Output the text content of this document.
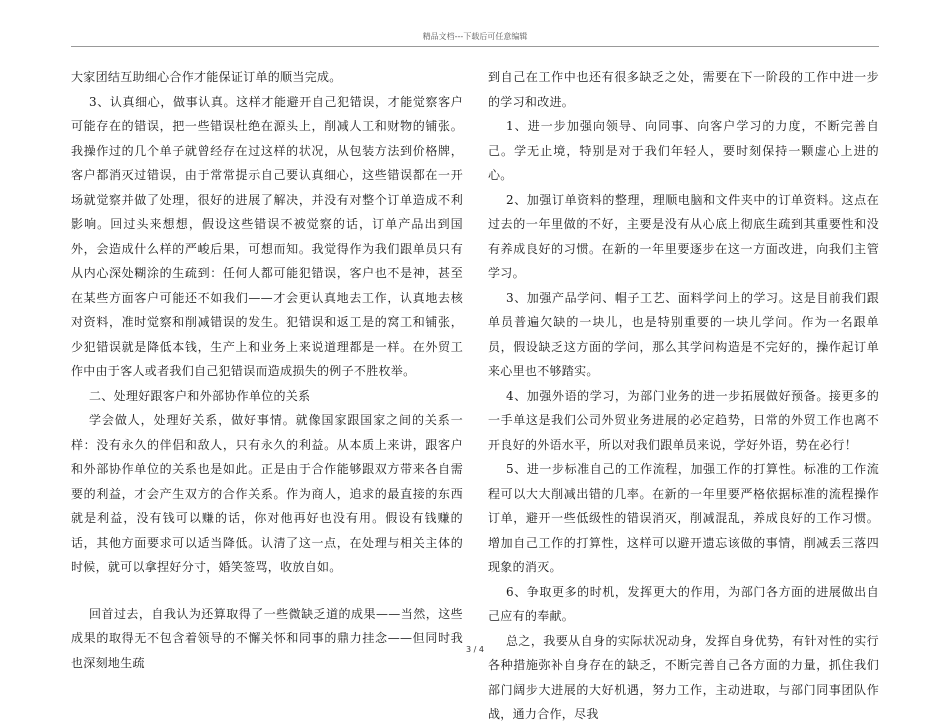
精品文档---下载后可任意编辑

大家团结互助细心合作才能保证订单的顺当完成。

3、认真细心，做事认真。这样才能避开自己犯错误，才能觉察客户可能存在的错误，把一些错误杜绝在源头上，削减人工和财物的铺张。我操作过的几个单子就曾经存在过这样的状况，从包装方法到价格牌，客户都消灭过错误，由于常常提示自己要认真细心，这些错误都在一开场就觉察并做了处理，很好的进展了解决，并没有对整个订单造成不利影响。回过头来想想，假设这些错误不被觉察的话，订单产品出到国外，会造成什么样的严峻后果，可想而知。我觉得作为我们跟单员只有从内心深处糊涂的生疏到：任何人都可能犯错误，客户也不是神，甚至在某些方面客户可能还不如我们——才会更认真地去工作，认真地去核对资料，准时觉察和削减错误的发生。犯错误和返工是的窝工和铺张，少犯错误就是降低本钱，生产上和业务上来说道理都是一样。在外贸工作中由于客人或者我们自己犯错误而造成损失的例子不胜枚举。

二、处理好跟客户和外部协作单位的关系

学会做人，处理好关系，做好事情。就像国家跟国家之间的关系一样：没有永久的伴侣和敌人，只有永久的利益。从本质上来讲，跟客户和外部协作单位的关系也是如此。正是由于合作能够跟双方带来各自需要的利益，才会产生双方的合作关系。作为商人，追求的最直接的东西就是利益，没有钱可以赚的话，你对他再好也没有用。假设有钱赚的话，其他方面要求可以适当降低。认清了这一点，在处理与相关主体的时候，就可以拿捏好分寸，婚笑签骂，收放自如。

回首过去，自我认为还算取得了一些微缺乏道的成果——当然，这些成果的取得无不包含着领导的不懈关怀和同事的鼎力挂念——但同时我也深刻地生疏

到自己在工作中也还有很多缺乏之处，需要在下一阶段的工作中进一步的学习和改进。

1、进一步加强向领导、向同事、向客户学习的力度，不断完善自己。学无止境，特别是对于我们年轻人，要时刻保持一颗虚心上进的心。

2、加强订单资料的整理，理顺电脑和文件夹中的订单资料。这点在过去的一年里做的不好，主要是没有从心底上彻底生疏到其重要性和没有养成良好的习惯。在新的一年里要逐步在这一方面改进，向我们主管学习。

3、加强产品学问、帽子工艺、面料学问上的学习。这是目前我们跟单员普遍欠缺的一块儿，也是特别重要的一块儿学问。作为一名跟单员，假设缺乏这方面的学问，那么其学问构造是不完好的，操作起订单来心里也不够踏实。

4、加强外语的学习，为部门业务的进一步拓展做好预备。接更多的一手单这是我们公司外贸业务进展的必定趋势，日常的外贸工作也离不开良好的外语水平，所以对我们跟单员来说，学好外语，势在必行！

5、进一步标准自己的工作流程，加强工作的打算性。标准的工作流程可以大大削减出错的几率。在新的一年里要严格依据标准的流程操作订单，避开一些低级性的错误消灭，削减混乱，养成良好的工作习惯。增加自己工作的打算性，这样可以避开遗忘该做的事情，削减丢三落四现象的消灭。

6、争取更多的时机，发挥更大的作用，为部门各方面的进展做出自己应有的奉献。

总之，我要从自身的实际状况动身，发挥自身优势，有针对性的实行各种措施弥补自身存在的缺乏，不断完善自己各方面的力量，抓住我们部门阔步大进展的大好机遇，努力工作，主动进取，与部门同事团队作战，通力合作，尽我

3 / 4
